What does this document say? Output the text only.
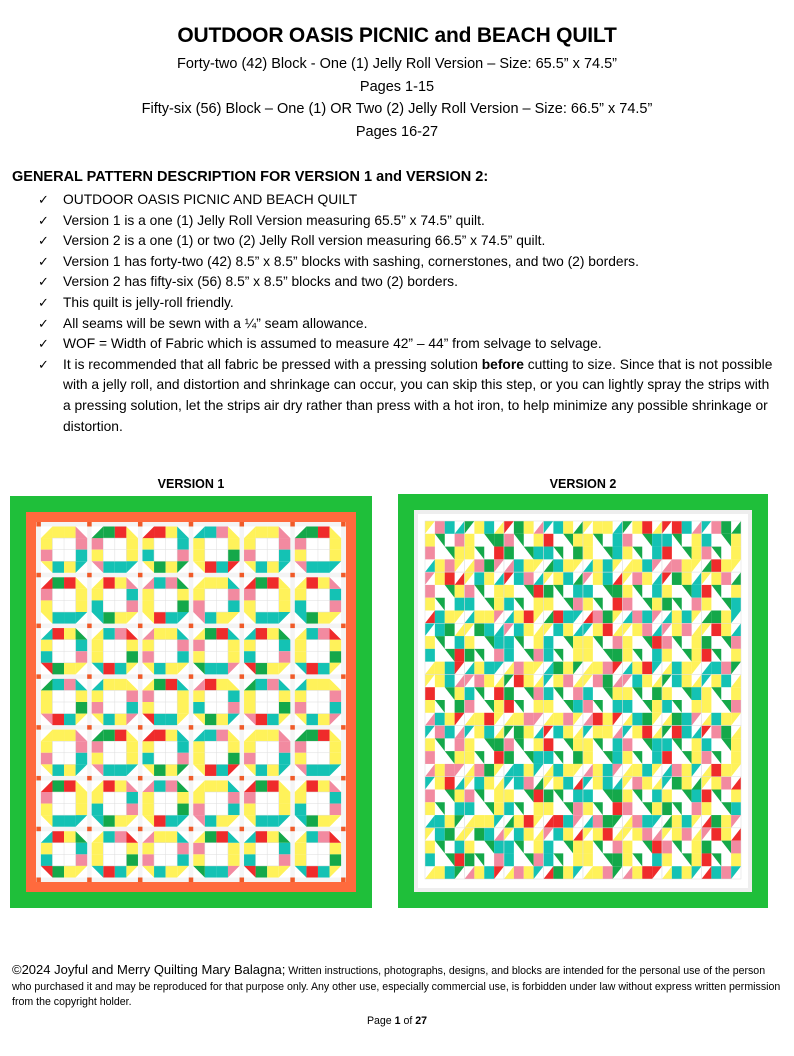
OUTDOOR OASIS PICNIC and BEACH QUILT
Forty-two (42) Block - One (1) Jelly Roll Version – Size: 65.5” x 74.5”
Pages 1-15
Fifty-six (56) Block – One (1) OR Two (2) Jelly Roll Version – Size: 66.5” x 74.5”
Pages 16-27
GENERAL PATTERN DESCRIPTION FOR VERSION 1 and VERSION 2:
✓ OUTDOOR OASIS PICNIC AND BEACH QUILT
✓ Version 1 is a one (1) Jelly Roll Version measuring 65.5” x 74.5” quilt.
✓ Version 2 is a one (1) or two (2) Jelly Roll version measuring 66.5” x 74.5” quilt.
✓ Version 1 has forty-two (42) 8.5” x 8.5” blocks with sashing, cornerstones, and two (2) borders.
✓ Version 2 has fifty-six (56) 8.5” x 8.5” blocks and two (2) borders.
✓ This quilt is jelly-roll friendly.
✓ All seams will be sewn with a ¼” seam allowance.
✓ WOF = Width of Fabric which is assumed to measure 42” – 44” from selvage to selvage.
✓ It is recommended that all fabric be pressed with a pressing solution before cutting to size. Since that is not possible with a jelly roll, and distortion and shrinkage can occur, you can skip this step, or you can lightly spray the strips with a pressing solution, let the strips air dry rather than press with a hot iron, to help minimize any possible shrinkage or distortion.
VERSION 1	VERSION 2
©2024 Joyful and Merry Quilting Mary Balagna; Written instructions, photographs, designs, and blocks are intended for the personal use of the person who purchased it and may be reproduced for that purpose only. Any other use, especially commercial use, is forbidden under law without express written permission from the copyright holder.
Page 1 of 27
